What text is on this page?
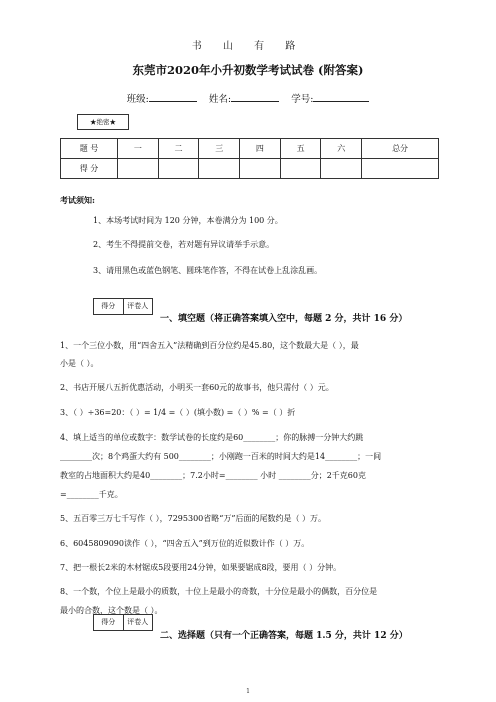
书 山 有 路
东莞市2020年小升初数学考试试卷 (附答案)
班级:	姓名:	学号:
★绝密★
题 号	一	二	三	四	五	六	总分
得 分							
考试须知:
1、本场考试时间为 120 分钟，本卷满分为 100 分。
2、考生不得提前交卷，若对题有异议请举手示意。
3、请用黑色或蓝色钢笔、圆珠笔作答，不得在试卷上乱涂乱画。
得分	评卷人
一、填空题（将正确答案填入空中，每题 2 分，共计 16 分）
1、一个三位小数，用“四舍五入”法精确到百分位约是45.80，这个数最大是（ ），最
小是（ ）。
2、书店开展八五折优惠活动，小明买一套60元的故事书，他只需付（ ）元。
3、（ ）÷36=20：（ ）= 1/4 =（ ）(填小数) =（ ）% =（ ）折
4、填上适当的单位或数字：数学试卷的长度约是60________；你的脉搏一分钟大约跳
________次；8个鸡蛋大约有 500________；小刚跑一百米的时间大约是14________；一间
教室的占地面积大约是40________；7.2小时=________ 小时 ________分；2千克60克
=________千克。
5、五百零三万七千写作（ ），7295300省略“万”后面的尾数约是（ ）万。
6、6045809090读作（ ），“四舍五入”到万位的近似数计作（ ）万。
7、把一根长2米的木材锯成5段要用24分钟，如果要锯成8段，要用（ ）分钟。
8、一个数，个位上是最小的质数，十位上是最小的奇数，十分位是最小的偶数，百分位是
最小的合数，这个数是（ ）。
得分	评卷人
二、选择题（只有一个正确答案，每题 1.5 分，共计 12 分）
1
